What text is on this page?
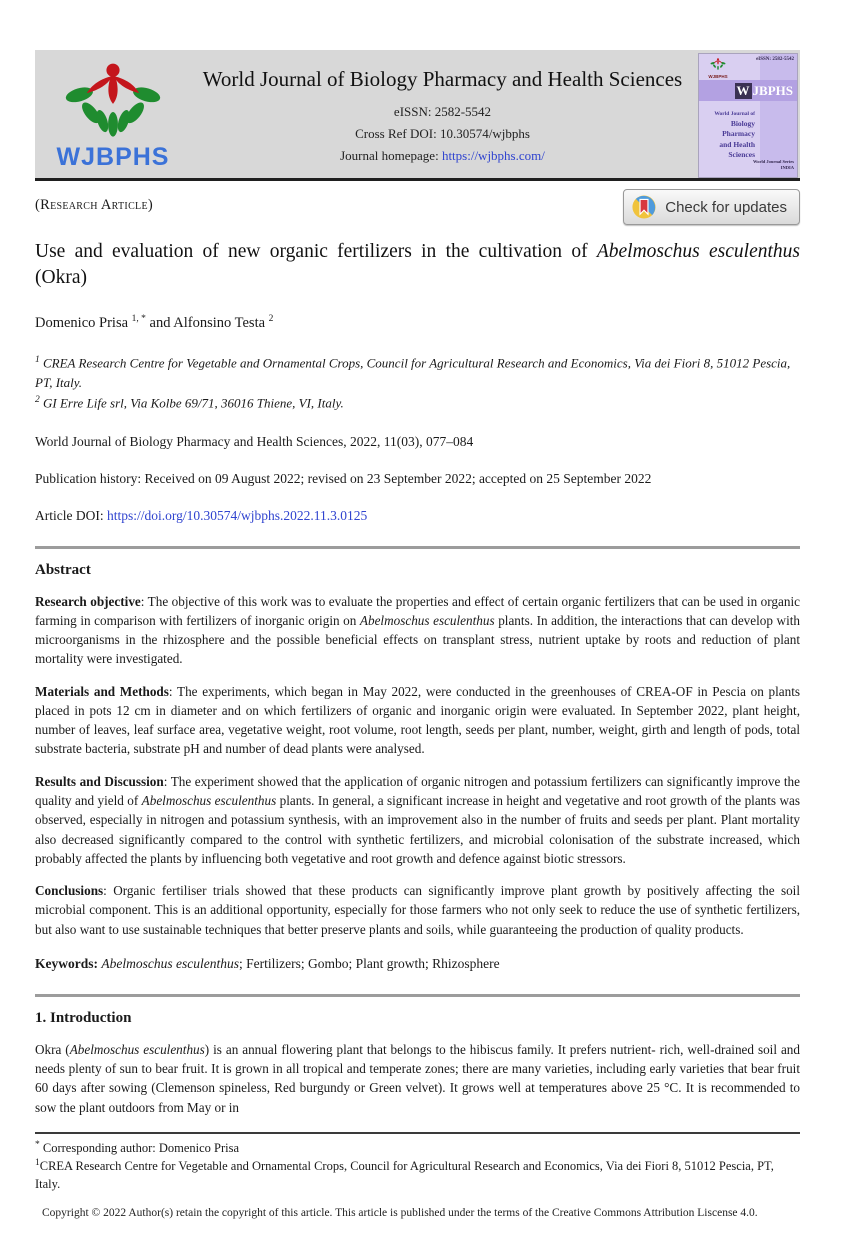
WJBPHS
World Journal of Biology Pharmacy and Health Sciences
eISSN: 2582-5542
Cross Ref DOI: 10.30574/wjbphs
Journal homepage: https://wjbphs.com/
WJBPHS
eISSN: 2582-5542
W JBPHS
World Journal of
Biology Pharmacy
and Health
Sciences
World Journal Series
INDIA
(Research Article)	Check for updates
Use and evaluation of new organic fertilizers in the cultivation of Abelmoschus esculenthus (Okra)
Domenico Prisa $^{1, *}$ and Alfonsino Testa $^2$
$^1$ CREA Research Centre for Vegetable and Ornamental Crops, Council for Agricultural Research and Economics, Via dei Fiori 8, 51012 Pescia, PT, Italy.
$^2$ GI Erre Life srl, Via Kolbe 69/71, 36016 Thiene, VI, Italy.
World Journal of Biology Pharmacy and Health Sciences, 2022, 11(03), 077–084
Publication history: Received on 09 August 2022; revised on 23 September 2022; accepted on 25 September 2022
Article DOI: https://doi.org/10.30574/wjbphs.2022.11.3.0125
Abstract

Research objective: The objective of this work was to evaluate the properties and effect of certain organic fertilizers that can be used in organic farming in comparison with fertilizers of inorganic origin on Abelmoschus esculenthus plants. In addition, the interactions that can develop with microorganisms in the rhizosphere and the possible beneficial effects on transplant stress, nutrient uptake by roots and reduction of plant mortality were investigated.

Materials and Methods: The experiments, which began in May 2022, were conducted in the greenhouses of CREA-OF in Pescia on plants placed in pots 12 cm in diameter and on which fertilizers of organic and inorganic origin were evaluated. In September 2022, plant height, number of leaves, leaf surface area, vegetative weight, root volume, root length, seeds per plant, number, weight, girth and length of pods, total substrate bacteria, substrate pH and number of dead plants were analysed.

Results and Discussion: The experiment showed that the application of organic nitrogen and potassium fertilizers can significantly improve the quality and yield of Abelmoschus esculenthus plants. In general, a significant increase in height and vegetative and root growth of the plants was observed, especially in nitrogen and potassium synthesis, with an improvement also in the number of fruits and seeds per plant. Plant mortality also decreased significantly compared to the control with synthetic fertilizers, and microbial colonisation of the substrate increased, which probably affected the plants by influencing both vegetative and root growth and defence against biotic stressors.

Conclusions: Organic fertiliser trials showed that these products can significantly improve plant growth by positively affecting the soil microbial component. This is an additional opportunity, especially for those farmers who not only seek to reduce the use of synthetic fertilizers, but also want to use sustainable techniques that better preserve plants and soils, while guaranteeing the production of quality products.

Keywords: Abelmoschus esculenthus; Fertilizers; Gombo; Plant growth; Rhizosphere
1. Introduction

Okra (Abelmoschus esculenthus) is an annual flowering plant that belongs to the hibiscus family. It prefers nutrient- rich, well-drained soil and needs plenty of sun to bear fruit. It is grown in all tropical and temperate zones; there are many varieties, including early varieties that bear fruit 60 days after sowing (Clemenson spineless, Red burgundy or Green velvet). It grows well at temperatures above 25 °C. It is recommended to sow the plant outdoors from May or in

* Corresponding author: Domenico Prisa
$^1$CREA Research Centre for Vegetable and Ornamental Crops, Council for Agricultural Research and Economics, Via dei Fiori 8, 51012 Pescia, PT, Italy.
Copyright © 2022 Author(s) retain the copyright of this article. This article is published under the terms of the Creative Commons Attribution Liscense 4.0.
